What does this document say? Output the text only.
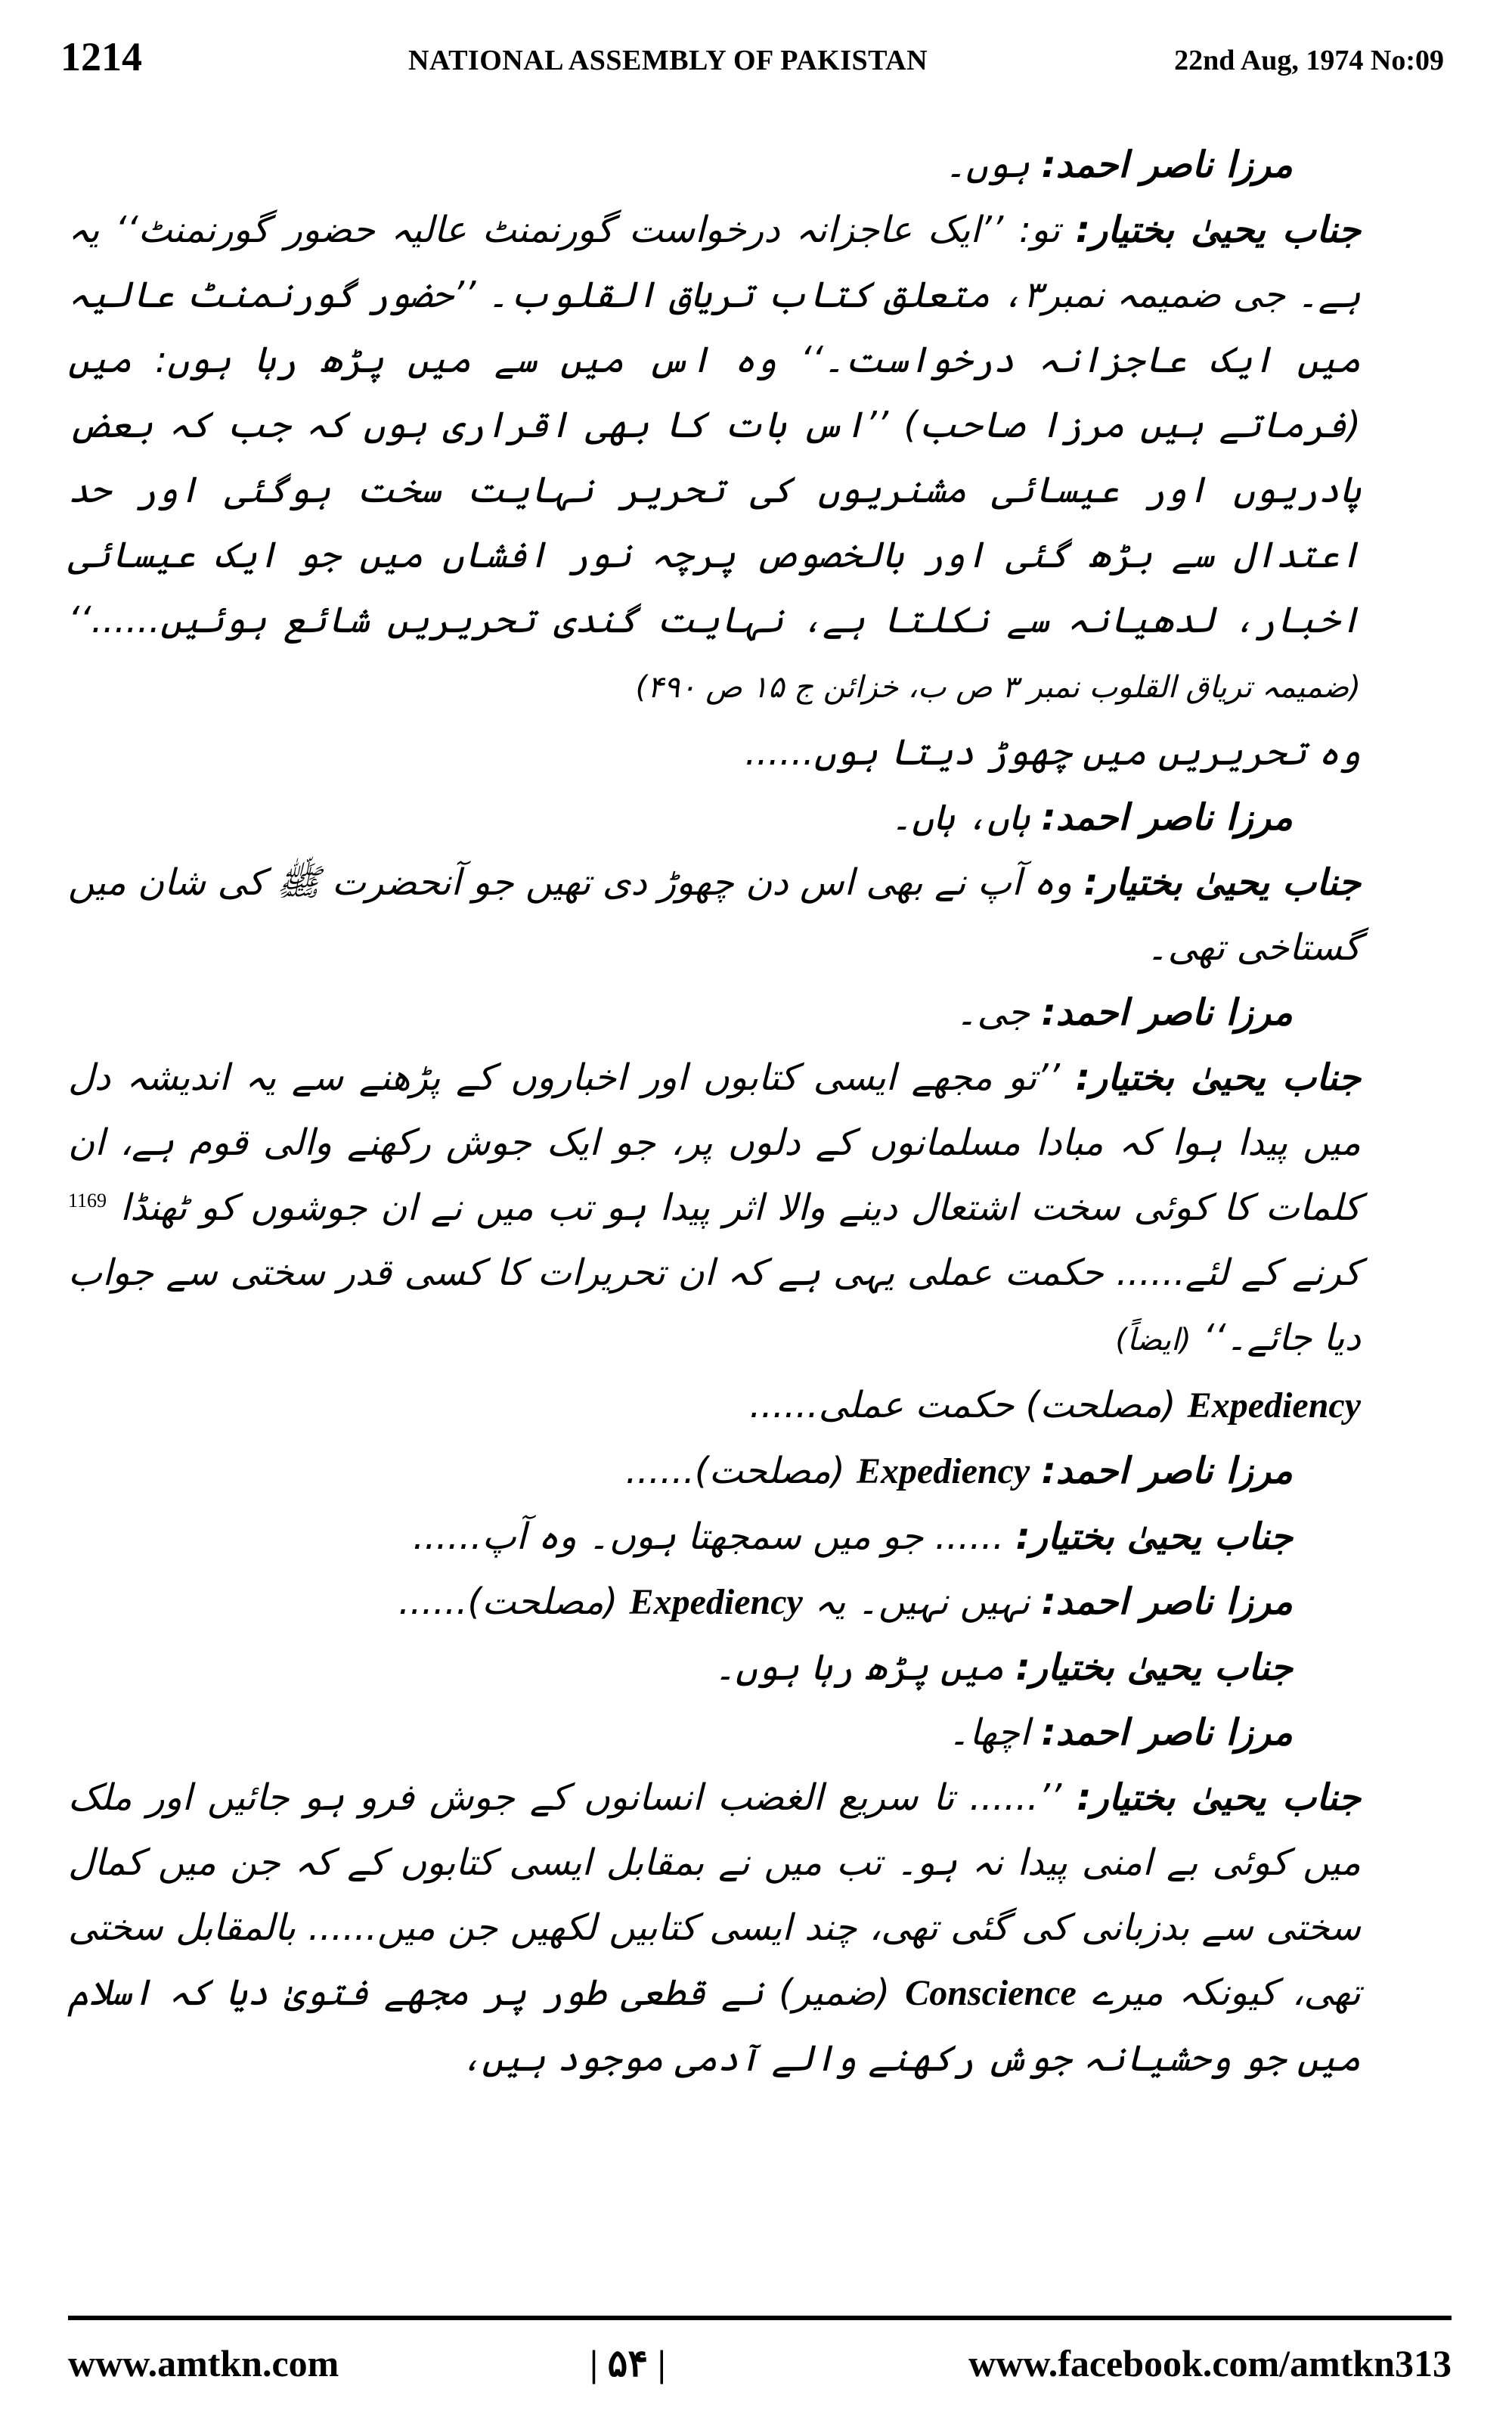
1214	NATIONAL ASSEMBLY OF PAKISTAN	22nd Aug, 1974 No:09

مرزا ناصر احمد: ہوں۔

جناب یحییٰ بختیار: تو: ’’ایک عاجزانہ درخواست گورنمنٹ عالیہ حضور گورنمنٹ‘‘ یہ ہے۔ جی ضمیمہ نمبر۳، متعلق کتاب تریاق القلوب۔ ’’حضور گورنمنٹ عالیہ میں ایک عاجزانہ درخواست۔‘‘ وہ اس میں سے میں پڑھ رہا ہوں: میں (فرماتے ہیں مرزا صاحب) ’’اس بات کا بھی اقراری ہوں کہ جب کہ بعض پادریوں اور عیسائی مشنریوں کی تحریر نہایت سخت ہوگئی اور حد اعتدال سے بڑھ گئی اور بالخصوص پرچہ نور افشاں میں جو ایک عیسائی اخبار، لدھیانہ سے نکلتا ہے، نہایت گندی تحریریں شائع ہوئیں......‘‘ (ضمیمہ تریاق القلوب نمبر ۳ ص ب، خزائن ج ۱۵ ص ۴۹۰)

وہ تحریریں میں چھوڑ دیتا ہوں......

مرزا ناصر احمد: ہاں، ہاں۔

جناب یحییٰ بختیار: وہ آپ نے بھی اس دن چھوڑ دی تھیں جو آنحضرت ﷺ کی شان میں گستاخی تھی۔

مرزا ناصر احمد: جی۔

جناب یحییٰ بختیار: ’’تو مجھے ایسی کتابوں اور اخباروں کے پڑھنے سے یہ اندیشہ دل میں پیدا ہوا کہ مبادا مسلمانوں کے دلوں پر، جو ایک جوش رکھنے والی قوم ہے، ان کلمات کا کوئی سخت اشتعال دینے والا اثر پیدا ہو تب میں نے ان جوشوں کو ٹھنڈا $^{1169}$ کرنے کے لئے...... حکمت عملی یہی ہے کہ ان تحریرات کا کسی قدر سختی سے جواب دیا جائے۔‘‘ (ایضاً)

Expediency (مصلحت) حکمت عملی......

مرزا ناصر احمد: Expediency (مصلحت)......

جناب یحییٰ بختیار: ...... جو میں سمجھتا ہوں۔ وہ آپ......

مرزا ناصر احمد: نہیں نہیں۔ یہ Expediency (مصلحت)......

جناب یحییٰ بختیار: میں پڑھ رہا ہوں۔

مرزا ناصر احمد: اچھا۔

جناب یحییٰ بختیار: ’’...... تا سریع الغضب انسانوں کے جوش فرو ہو جائیں اور ملک میں کوئی بے امنی پیدا نہ ہو۔ تب میں نے بمقابل ایسی کتابوں کے کہ جن میں کمال سختی سے بدزبانی کی گئی تھی، چند ایسی کتابیں لکھیں جن میں...... بالمقابل سختی تھی، کیونکہ میرے Conscience (ضمیر) نے قطعی طور پر مجھے فتویٰ دیا کہ اسلام میں جو وحشیانہ جوش رکھنے والے آدمی موجود ہیں،

www.amtkn.com	| ۵۴ |	www.facebook.com/amtkn313
